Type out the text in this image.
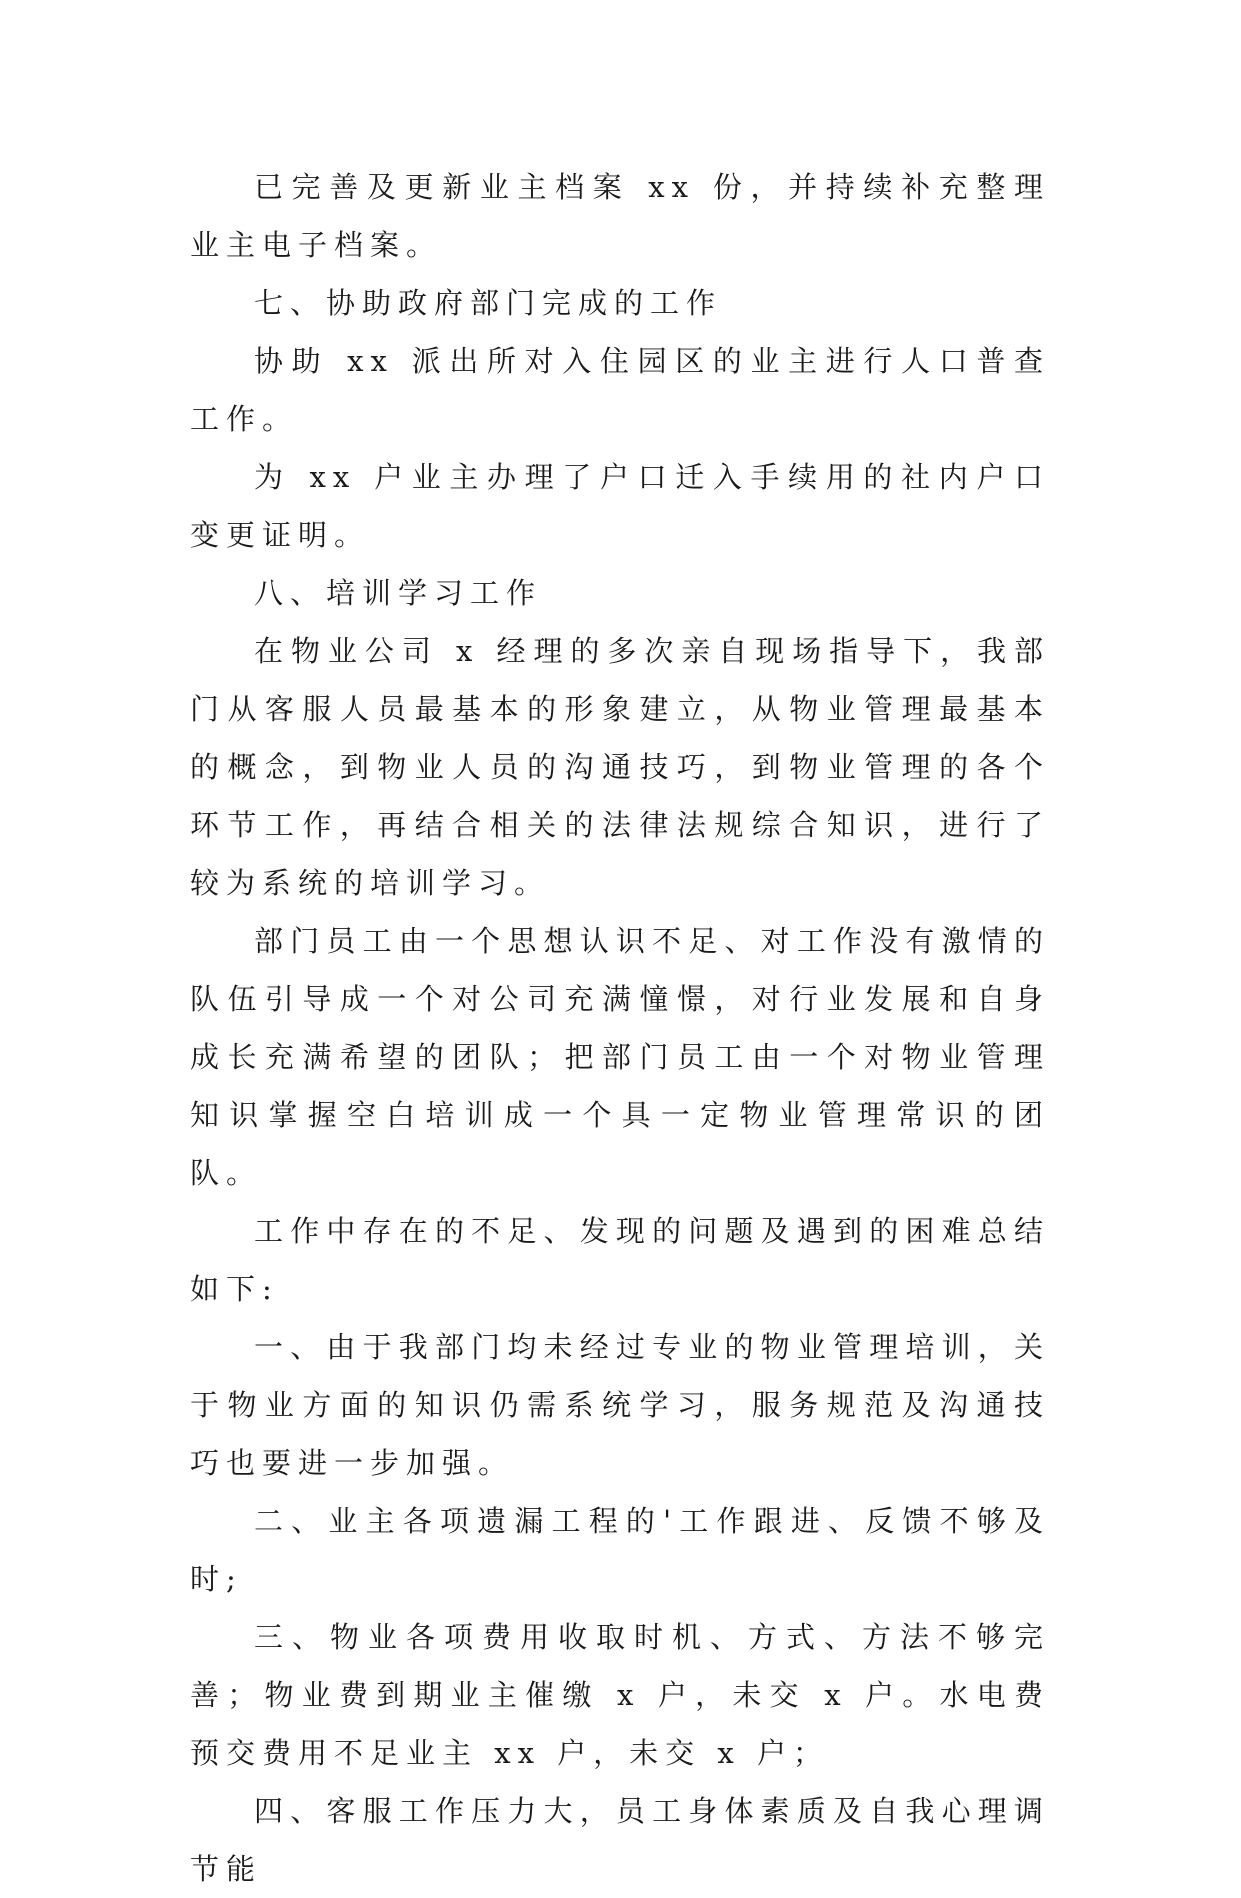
已完善及更新业主档案 xx 份，并持续补充整理业主电子档案。

七、协助政府部门完成的工作

协助 xx 派出所对入住园区的业主进行人口普查工作。

为 xx 户业主办理了户口迁入手续用的社内户口变更证明。

八、培训学习工作

在物业公司 x 经理的多次亲自现场指导下，我部门从客服人员最基本的形象建立，从物业管理最基本的概念，到物业人员的沟通技巧，到物业管理的各个环节工作，再结合相关的法律法规综合知识，进行了较为系统的培训学习。

部门员工由一个思想认识不足、对工作没有激情的队伍引导成一个对公司充满憧憬，对行业发展和自身成长充满希望的团队；把部门员工由一个对物业管理知识掌握空白培训成一个具一定物业管理常识的团队。

工作中存在的不足、发现的问题及遇到的困难总结如下:

一、由于我部门均未经过专业的物业管理培训，关于物业方面的知识仍需系统学习，服务规范及沟通技巧也要进一步加强。

二、业主各项遗漏工程的'工作跟进、反馈不够及时;

三、物业各项费用收取时机、方式、方法不够完善；物业费到期业主催缴 x 户，未交 x 户。水电费预交费用不足业主 xx 户，未交 x 户；

四、客服工作压力大，员工身体素质及自我心理调节能
